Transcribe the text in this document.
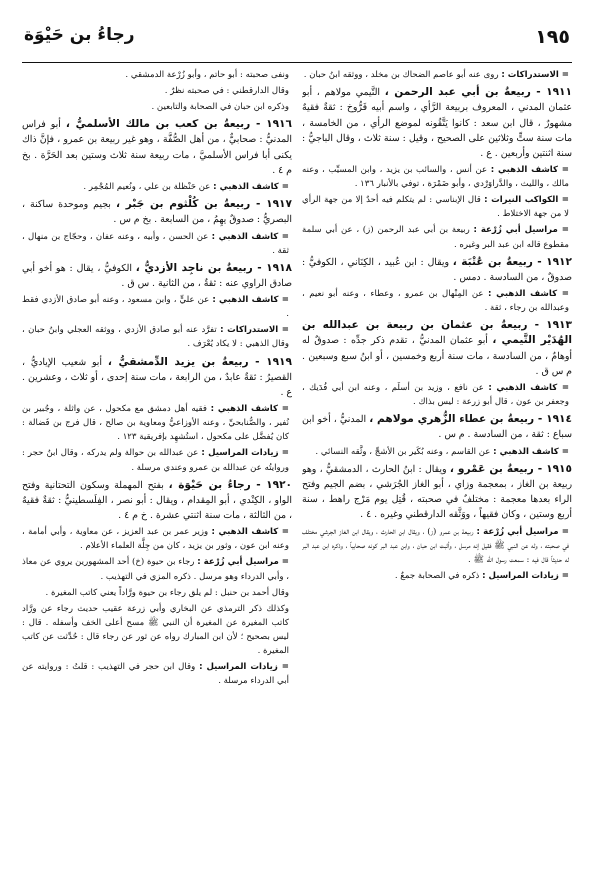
١٩٥
رجاءُ بن حَيْوَة

= الاستدراكات : روى عنه أبو عاصم الضحاك بن مخلد ، ووثقه ابنُ حبان .

١٩١١ - ربيعةُ بن أبي عبد الرحمن ، التَّيمي مولاهم ، أبو عثمان المدني ، المعروف بربيعة الرَّأي ، واسم أبيه فَرُّوخ : ثقةٌ فقيهٌ مشهورٌ ، قال ابن سعد : كانوا يَتَّقُونه لموضع الرأي ، من الخامسة ، مات سنة ستٍّ وثلاثين على الصحيح ، وقيل : سنة ثلاث ، وقال الباجيُّ : سنة اثنتين وأربعين . ع .

= كاشف الذهبي : عن أنس ، والسائب بن يزيد ، وابن المسيِّب ، وعنه مالك ، والليث ، والدَّراوَرْدي ، وأبو ضَمْرَة ، توفي بالأنبار ١٣٦ .

= الكواكب النيرات : قال الإبناسي : لم يتكلم فيه أحدٌ إلا من جهة الرأي لا من جهة الاختلاط .

= مراسيل أبي زُرْعة : ربيعة بن أبي عبد الرحمن (ز) ، عن أبي سلمة مقطوع قاله ابن عبد البر وغيره .

١٩١٢ - ربيعةُ بن عُتْبَة ، ويقال : ابن عُبيد ، الكِنَاني ، الكوفيُّ : صدوقٌ ، من السادسة . دمس .

= كاشف الذهبي : عن المِنْهال بن عمرو ، وعطاء ، وعنه أبو نعيم ، وعبدالله بن رجاء ، ثقة .

١٩١٣ - ربيعةُ بن عثمان بن ربيعة بن عبدالله بن الهُدَيْر التَّيمي ، أبو عثمان المدنيُّ ، تقدم ذكر جدِّه : صدوقٌ له أوهامٌ ، من السادسة ، مات سنة أربع وخمسين ، أو ابنُ سبع وسبعين . م س ق .

= كاشف الذهبي : عن نافع ، وزيد بن أسلَم ، وعنه ابن أبي فُدَيك ، وجعفر بن عون ، قال أبو زرعة : ليس بذاك .

١٩١٤ - ربيعةُ بن عطاء الزُّهري مولاهم ، المدنيُّ ، أخو ابن سباع : ثقة ، من السادسة . م س .

= كاشف الذهبي : عن القاسم ، وعنه بُكَير بن الأشجِّ ، وثَّقه النسائي .

١٩١٥ - ربيعةُ بن عَمْرو ، ويقال : ابنُ الحارث ، الدمشقيُّ ، وهو ربيعة بن الغاز ، بمعجمة وزاي ، أبو الغاز الجُرَشي ، بضم الجيم وفتح الراء بعدها معجمة : مختلفٌ في صحبته ، قُتِل يوم مَرْج راهط ، سنة أربع وستين ، وكان فقيهاً ، ووَثَّقه الدارقطني وغيره . ٤ .

= مراسيل أبي زُرْعة : ربيعة بن عمرو (ز) ، ويقال ابن الحارث ، ويقال ابن الغاز الجرشي مختلف في صحبته ، وله عن النبي ﷺ فقيل إنه مرسل ، وأثبت ابن حبان ، وابن عبد البر كونه صحابياً ، وذكره ابن عبد البر له حديثاً قال فيه : سمعت رسول الله ﷺ .

= زيادات المراسيل : ذكره في الصحابة جمعٌ .

ونفى صحبته : أبو حاتم ، وأبو زُرْعة الدمشقي .

وقال الدارقطني : في صحبته نظرٌ .

وذكره ابن حبان في الصحابة والتابعين .

١٩١٦ - ربيعةُ بن كعب بن مالك الأسلميُّ ، أبو فراس المدنيُّ : صحابيٌّ ، من أهل الصُّفَّة ، وهو غير ربيعة بن عمرو ، فإنَّ ذاك يكنى أبا فراس الأسلميَّ ، مات ربيعة سنة ثلاث وستين بعد الحَرَّة . بخ م ٤ .

= كاشف الذهبي : عن حَنْظلة بن علي ، ونُعيم المُجْمِر .

١٩١٧ - ربيعةُ بن كُلْثوم بن جَبْر ، بجيم وموحدة ساكنة ، البصريُّ : صدوقٌ يهِمُ ، من السابعة . بخ م س .

= كاشف الذهبي : عن الحسن ، وأبيه ، وعنه عفان ، وحجّاج بن منهال ، ثقة .

١٩١٨ - ربيعةُ بن ناجِد الأزديُّ ، الكوفيُّ ، يقال : هو أخو أبي صادق الراوي عنه : ثقةٌ ، من الثانية . س ق .

= كاشف الذهبي : عن عليٍّ ، وابن مسعود ، وعنه أبو صادق الأزدي فقط .

= الاستدراكات : تفرَّد عنه أبو صادق الأزدي ، ووثقه العجلي وابنُ حبان ، وقال الذهبي : لا يكاد يُعْرَف .

١٩١٩ - ربيعةُ بن يزيد الدِّمشقيُّ ، أبو شعيب الإياديُّ ، القصيرُ : ثقةٌ عابدٌ ، من الرابعة ، مات سنة إحدى ، أو ثلاث ، وعشرين . ع .

= كاشف الذهبي : فقيه أهل دمشق مع مكحول ، عن واثلة ، وجُبير بن نُفير ، والصُّنابحيِّ ، وعنه الأوزاعيُّ ومعاوية بن صالح ، قال فرج بن فَضالة : كان يُفضَّل على مكحول ، استُشهِد بإفريقية ١٢٣ .

= زيادات المراسيل : عن عبدالله بن حوالة ولم يدركه ، وقال ابنُ حجر : وروايتُه عن عبدالله بن عمرو وعندي مرسلة .

١٩٢٠ - رجاءُ بن حَيْوَة ، بفتح المهملة وسكون التحتانية وفتح الواو ، الكِنْدي ، أبو المِقدام ، ويقال : أبو نصر ، الفِلَسطينيُّ : ثقةٌ فقيهٌ ، من الثالثة ، مات سنة اثنتي عشرة . خ م ٤ .

= كاشف الذهبي : وزير عمر بن عبد العزيز ، عن معاوية ، وأبي أمامة ، وعنه ابن عون ، وثور بن يزيد ، كان من جِلَّة العلماء الأعلام .

= مراسيل أبي زُرْعة : رجاء بن حيوة (خ) أحد المشهورين يروي عن معاذ ، وأبي الدرداء وهو مرسل . ذكره المزي في التهذيب .

وقال أحمد بن حنبل : لم يلق رجاء بن حيوة ورَّاداً يعني كاتب المغيرة .

وكذلك ذكر الترمذي عن البخاري وأبي زرعة عقيب حديث رجاء عن ورَّاد كاتب المغيرة عن المغيرة أن النبي ﷺ مسح أعلى الخف وأسفله . قال : ليس بصحيح ؛ لأن ابن المبارك رواه عن ثور عن رجاء قال : حُدِّثت عن كاتب المغيرة .

= زيادات المراسيل : وقال ابن حجر في التهذيب : قلتُ : وروايته عن أبي الدرداء مرسلة .
